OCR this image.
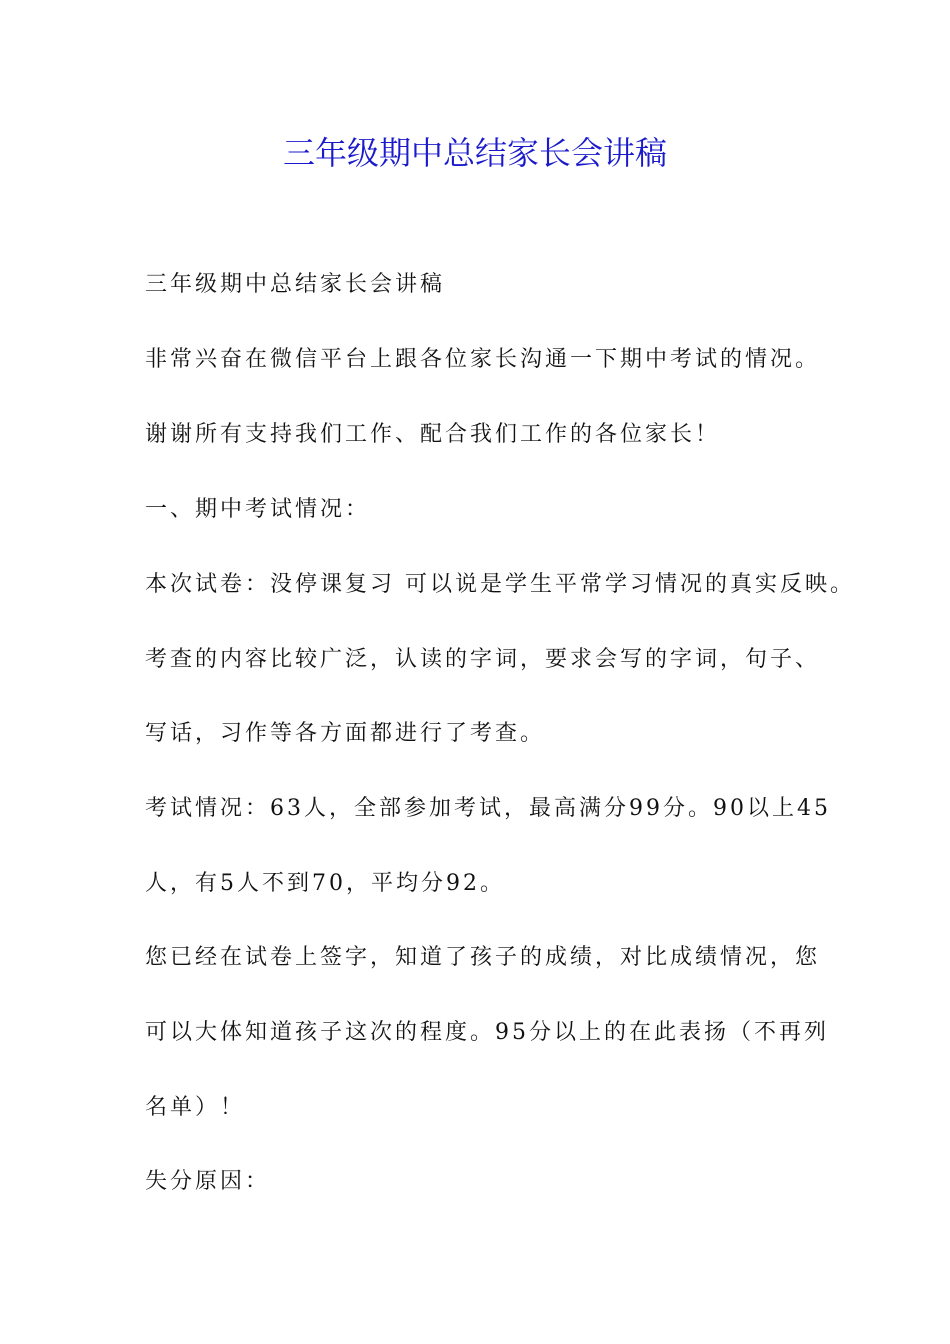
三年级期中总结家长会讲稿

三年级期中总结家长会讲稿

非常兴奋在微信平台上跟各位家长沟通一下期中考试的情况。

谢谢所有支持我们工作、配合我们工作的各位家长！

一、期中考试情况：

本次试卷：没停课复习 可以说是学生平常学习情况的真实反映。

考查的内容比较广泛，认读的字词，要求会写的字词，句子、

写话，习作等各方面都进行了考查。

考试情况：63人，全部参加考试，最高满分99分。90以上45

人，有5人不到70，平均分92。

您已经在试卷上签字，知道了孩子的成绩，对比成绩情况，您

可以大体知道孩子这次的程度。95分以上的在此表扬（不再列

名单）！

失分原因：
